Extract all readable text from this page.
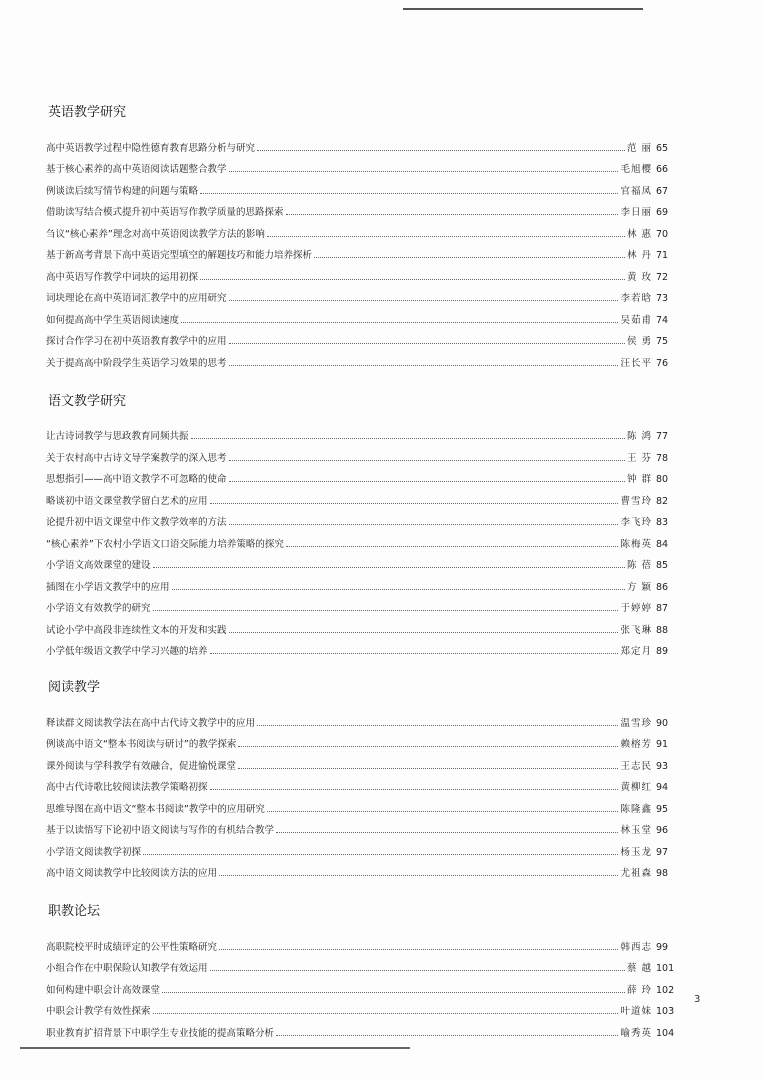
英语教学研究
高中英语教学过程中隐性德育教育思路分析与研究	范 丽 65
基于核心素养的高中英语阅读话题整合教学	毛旭樱 66
例谈读后续写情节构建的问题与策略	官福凤 67
借助读写结合模式提升初中英语写作教学质量的思路探索	李日丽 69
刍议“核心素养”理念对高中英语阅读教学方法的影响	林 惠 70
基于新高考背景下高中英语完型填空的解题技巧和能力培养探析	林 丹 71
高中英语写作教学中词块的运用初探	黄 玫 72
词块理论在高中英语词汇教学中的应用研究	李若晗 73
如何提高高中学生英语阅读速度	吴茹甫 74
探讨合作学习在初中英语教育教学中的应用	侯 勇 75
关于提高高中阶段学生英语学习效果的思考	汪长平 76
语文教学研究
让古诗词教学与思政教育同频共振	陈 鸿 77
关于农村高中古诗文导学案教学的深入思考	王 芬 78
思想指引——高中语文教学不可忽略的使命	钟 群 80
略谈初中语文课堂教学留白艺术的应用	曹雪玲 82
论提升初中语文课堂中作文教学效率的方法	李飞玲 83
“核心素养”下农村小学语文口语交际能力培养策略的探究	陈梅英 84
小学语文高效课堂的建设	陈 蓓 85
插图在小学语文教学中的应用	方 颖 86
小学语文有效教学的研究	于婷婷 87
试论小学中高段非连续性文本的开发和实践	张飞琳 88
小学低年级语文教学中学习兴趣的培养	郑定月 89
阅读教学
释读群文阅读教学法在高中古代诗文教学中的应用	温雪珍 90
例谈高中语文“整本书阅读与研讨”的教学探索	赖榕芳 91
课外阅读与学科教学有效融合，促进愉悦课堂	王志民 93
高中古代诗歌比较阅读法教学策略初探	黄柳红 94
思维导图在高中语文“整本书阅读”教学中的应用研究	陈隆鑫 95
基于以读悟写下论初中语文阅读与写作的有机结合教学	林玉堂 96
小学语文阅读教学初探	杨玉龙 97
高中语文阅读教学中比较阅读方法的应用	尤祖森 98
职教论坛
高职院校平时成绩评定的公平性策略研究	韩西志 99
小组合作在中职保险认知教学有效运用	蔡 越 101
如何构建中职会计高效课堂	薛 玲 102
中职会计教学有效性探索	叶道妹 103
职业教育扩招背景下中职学生专业技能的提高策略分析	喻秀英 104
3
